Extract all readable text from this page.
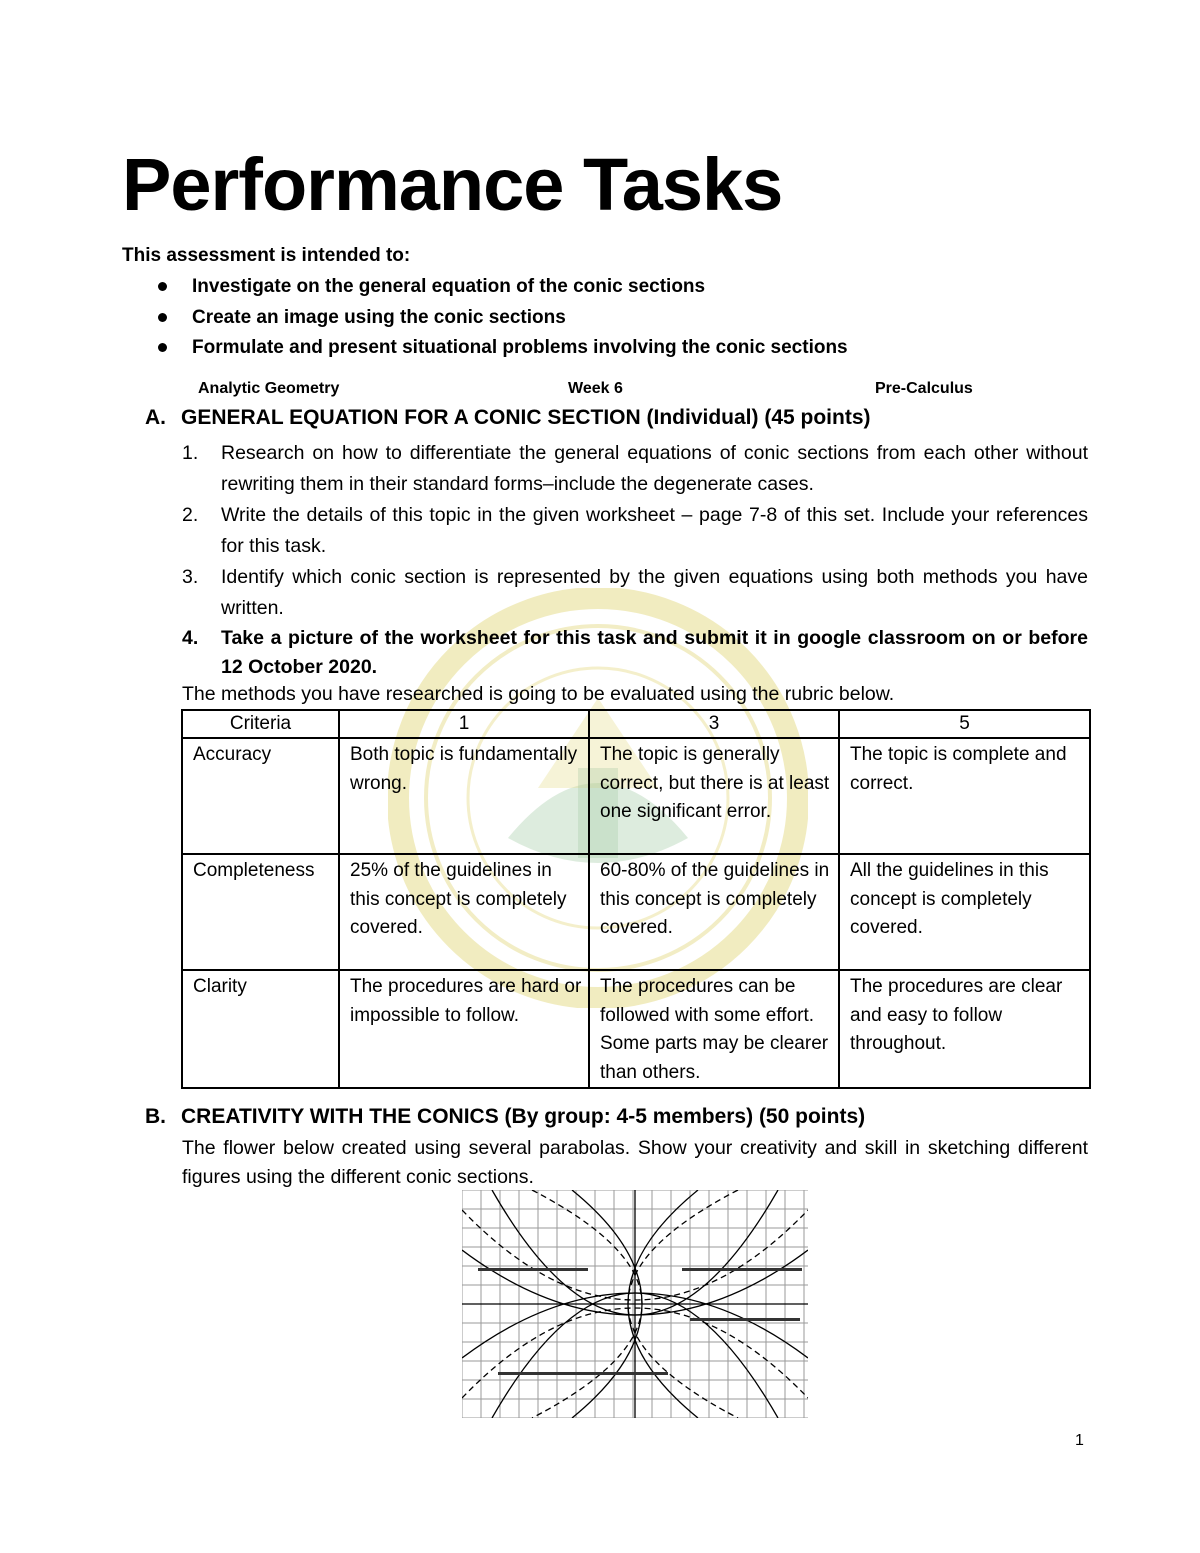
Performance Tasks
This assessment is intended to:
Investigate on the general equation of the conic sections
Create an image using the conic sections
Formulate and present situational problems involving the conic sections
Analytic Geometry	Week 6	Pre-Calculus
A. GENERAL EQUATION FOR A CONIC SECTION (Individual) (45 points)
1. Research on how to differentiate the general equations of conic sections from each other without rewriting them in their standard forms–include the degenerate cases.
2. Write the details of this topic in the given worksheet – page 7-8 of this set. Include your references for this task.
3. Identify which conic section is represented by the given equations using both methods you have written.
4. Take a picture of the worksheet for this task and submit it in google classroom on or before 12 October 2020.
The methods you have researched is going to be evaluated using the rubric below.
Criteria	1	3	5
Accuracy	Both topic is fundamentally wrong.	The topic is generally correct, but there is at least one significant error.	The topic is complete and correct.
Completeness	25% of the guidelines in this concept is completely covered.	60-80% of the guidelines in this concept is completely covered.	All the guidelines in this concept is completely covered.
Clarity	The procedures are hard or impossible to follow.	The procedures can be followed with some effort. Some parts may be clearer than others.	The procedures are clear and easy to follow throughout.
B. CREATIVITY WITH THE CONICS (By group: 4-5 members) (50 points)
The flower below created using several parabolas. Show your creativity and skill in sketching different figures using the different conic sections.
1
